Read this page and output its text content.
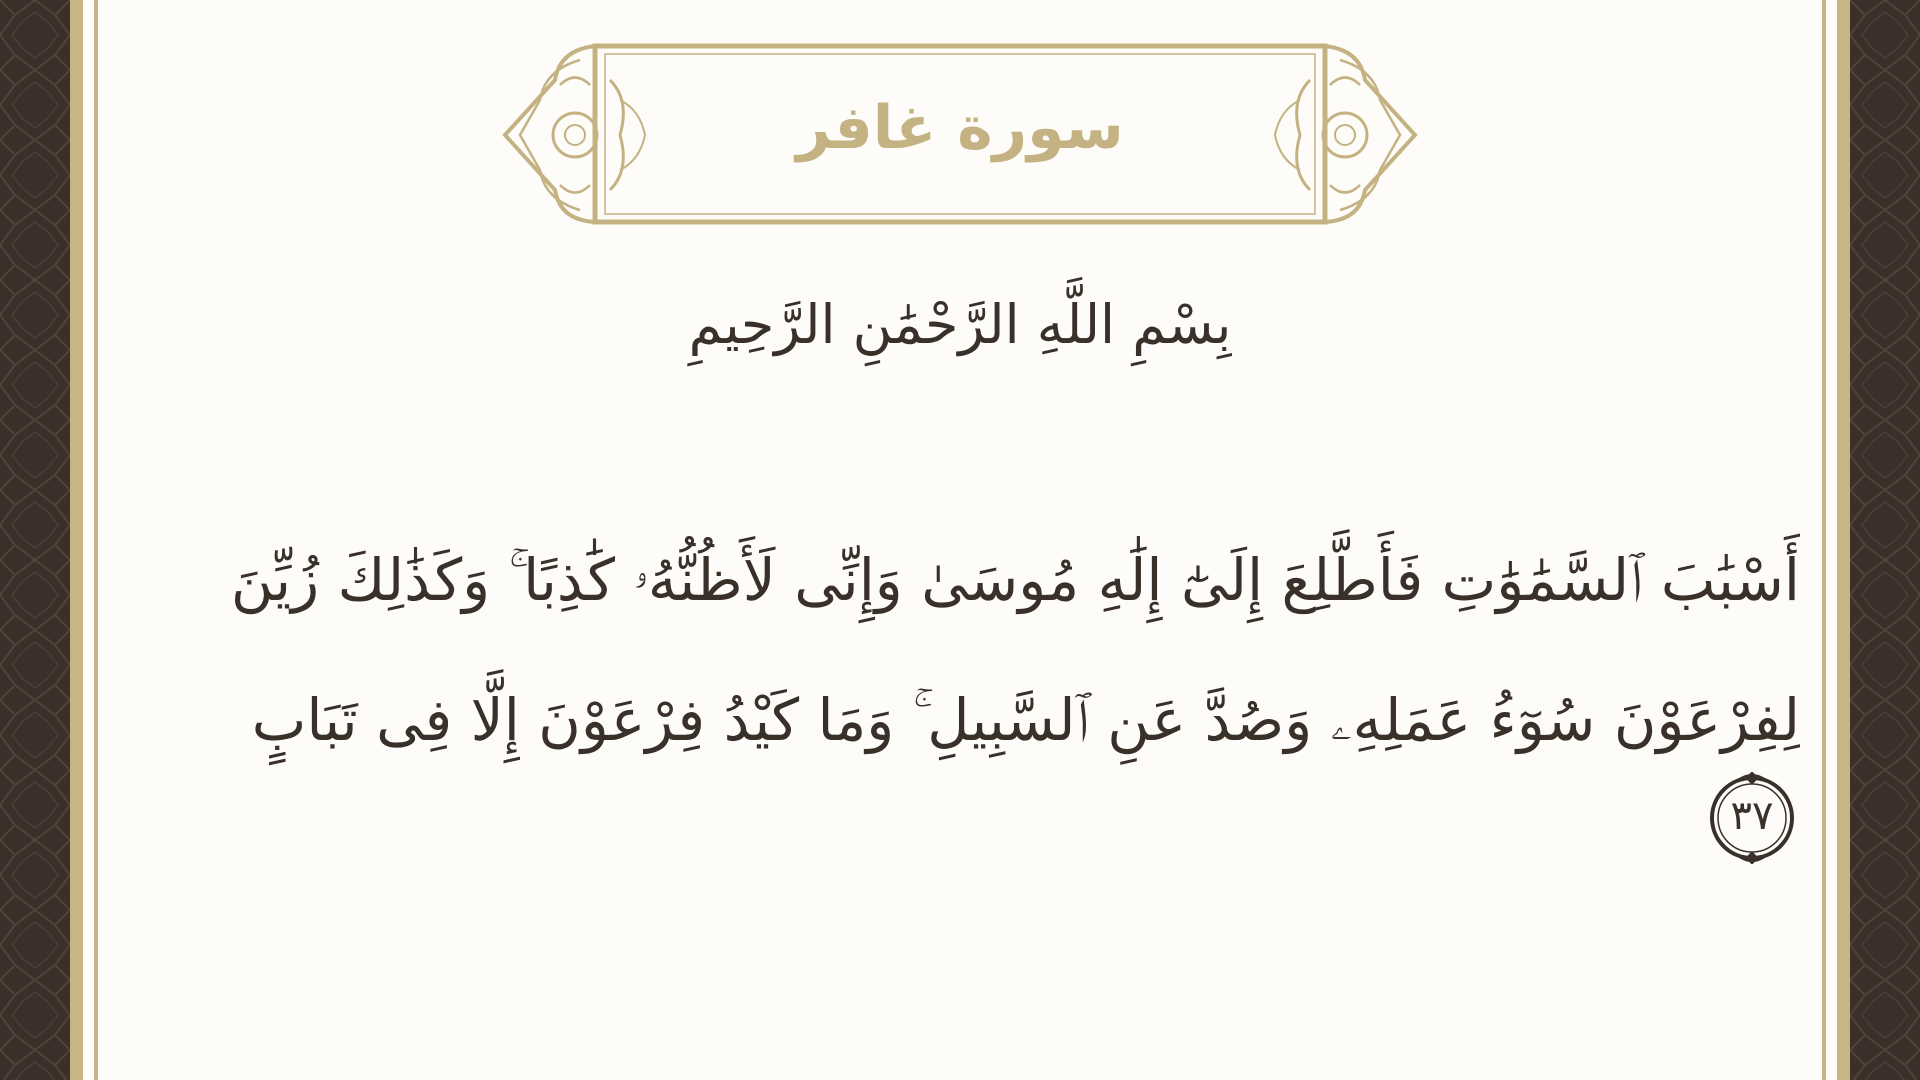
سورة غافر
بِسْمِ اللَّهِ الرَّحْمَٰنِ الرَّحِيمِ
أَسْبَٰبَ ٱلسَّمَٰوَٰتِ فَأَطَّلِعَ إِلَىٰٓ إِلَٰهِ مُوسَىٰ وَإِنِّى لَأَظُنُّهُۥ كَٰذِبًا ۚ وَكَذَٰلِكَ زُيِّنَ
لِفِرْعَوْنَ سُوٓءُ عَمَلِهِۦ وَصُدَّ عَنِ ٱلسَّبِيلِ ۚ وَمَا كَيْدُ فِرْعَوْنَ إِلَّا فِى تَبَابٍ
٣٧
